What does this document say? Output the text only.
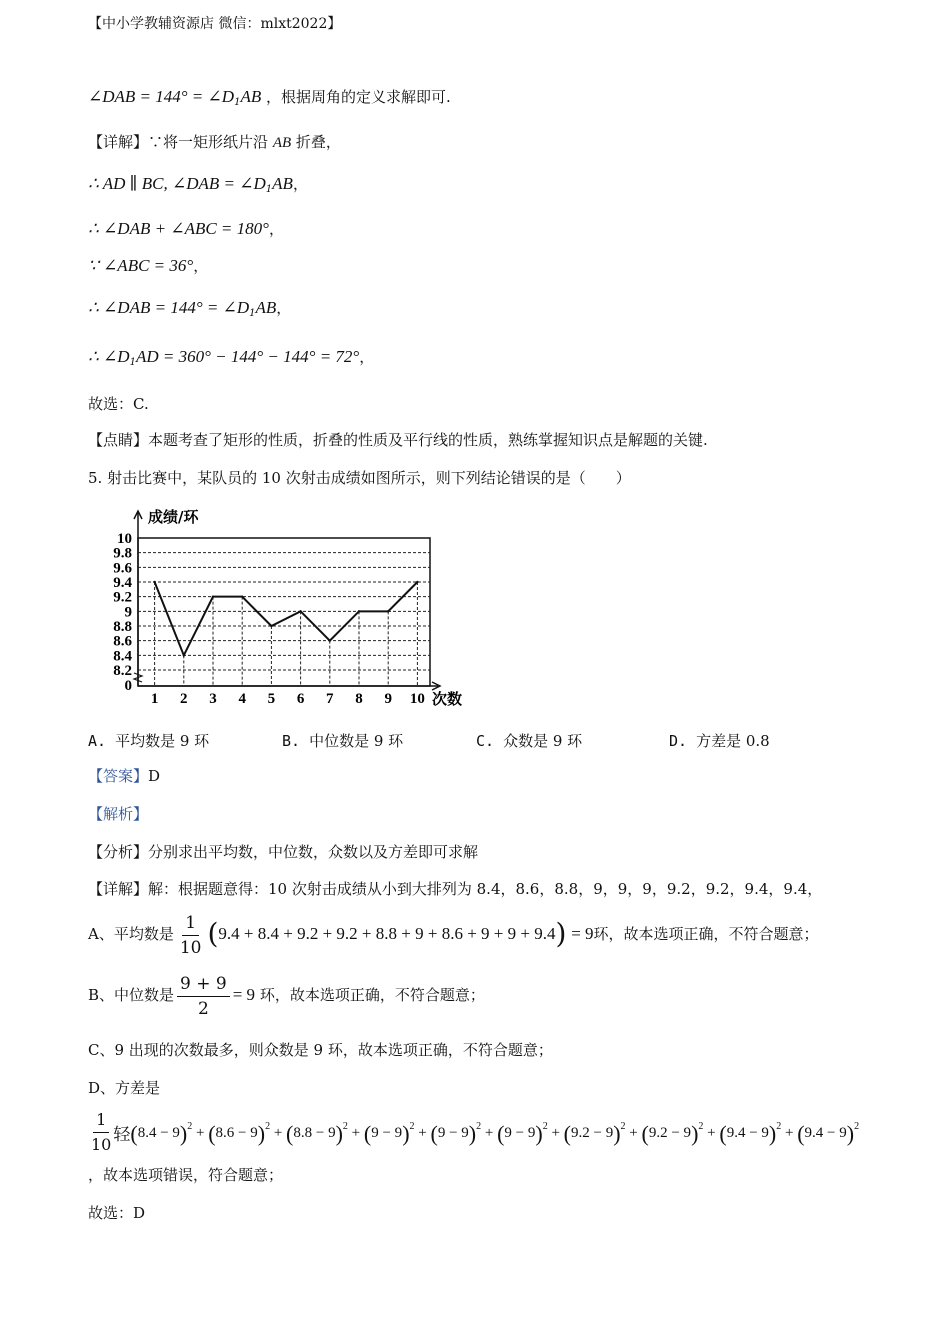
【中小学教辅资源店 微信：mlxt2022】
∠DAB = $144^\circ = \angle D_1AB$ ，根据周角的定义求解即可.
【详解】∵将一矩形纸片沿 AB 折叠，
∴ AD ∥ BC, ∠DAB = $\angle D_1AB$，
∴ ∠DAB + ∠ABC = 180°，
∵ ∠ABC = 36°，
∴ ∠DAB = $144^\circ = \angle D_1AB$，
∴ $\angle D_1AD = 360^\circ - 144^\circ - 144^\circ = 72^\circ$，
故选：C.
【点睛】本题考查了矩形的性质，折叠的性质及平行线的性质，熟练掌握知识点是解题的关键.
5. 射击比赛中，某队员的 10 次射击成绩如图所示，则下列结论错误的是（　　）
10
9.8
9.6
9.4
9.2
9
8.8
8.6
8.4
8.2
0
成绩/环
1 2 3 4 5 6 7 8 9 10 次数
A. 平均数是 9 环	B. 中位数是 9 环	C. 众数是 9 环	D. 方差是 0.8
【答案】D
【解析】
【分析】分别求出平均数，中位数，众数以及方差即可求解
【详解】解：根据题意得：10 次射击成绩从小到大排列为 8.4，8.6，8.8，9，9，9，9.2，9.2，9.4，9.4，
A、平均数是 $\frac{1}{10} (9.4 + 8.4 + 9.2 + 9.2 + 8.8 + 9 + 8.6 + 9 + 9 + 9.4) = 9$环，故本选项正确，不符合题意；
B、中位数是 $\frac{9 + 9}{2} = 9$ 环，故本选项正确，不符合题意；
C、9 出现的次数最多，则众数是 9 环，故本选项正确，不符合题意；
D、方差是
$\frac{1}{10}$ 轻$(8.4 - 9)^2 + (8.6 - 9)^2 + (8.8 - 9)^2 + (9 - 9)^2 + (9 - 9)^2 + (9 - 9)^2 + (9.2 - 9)^2 + (9.2 - 9)^2 + (9.4 - 9)^2 + (9.4 - 9)^2$
，故本选项错误，符合题意；
故选：D
